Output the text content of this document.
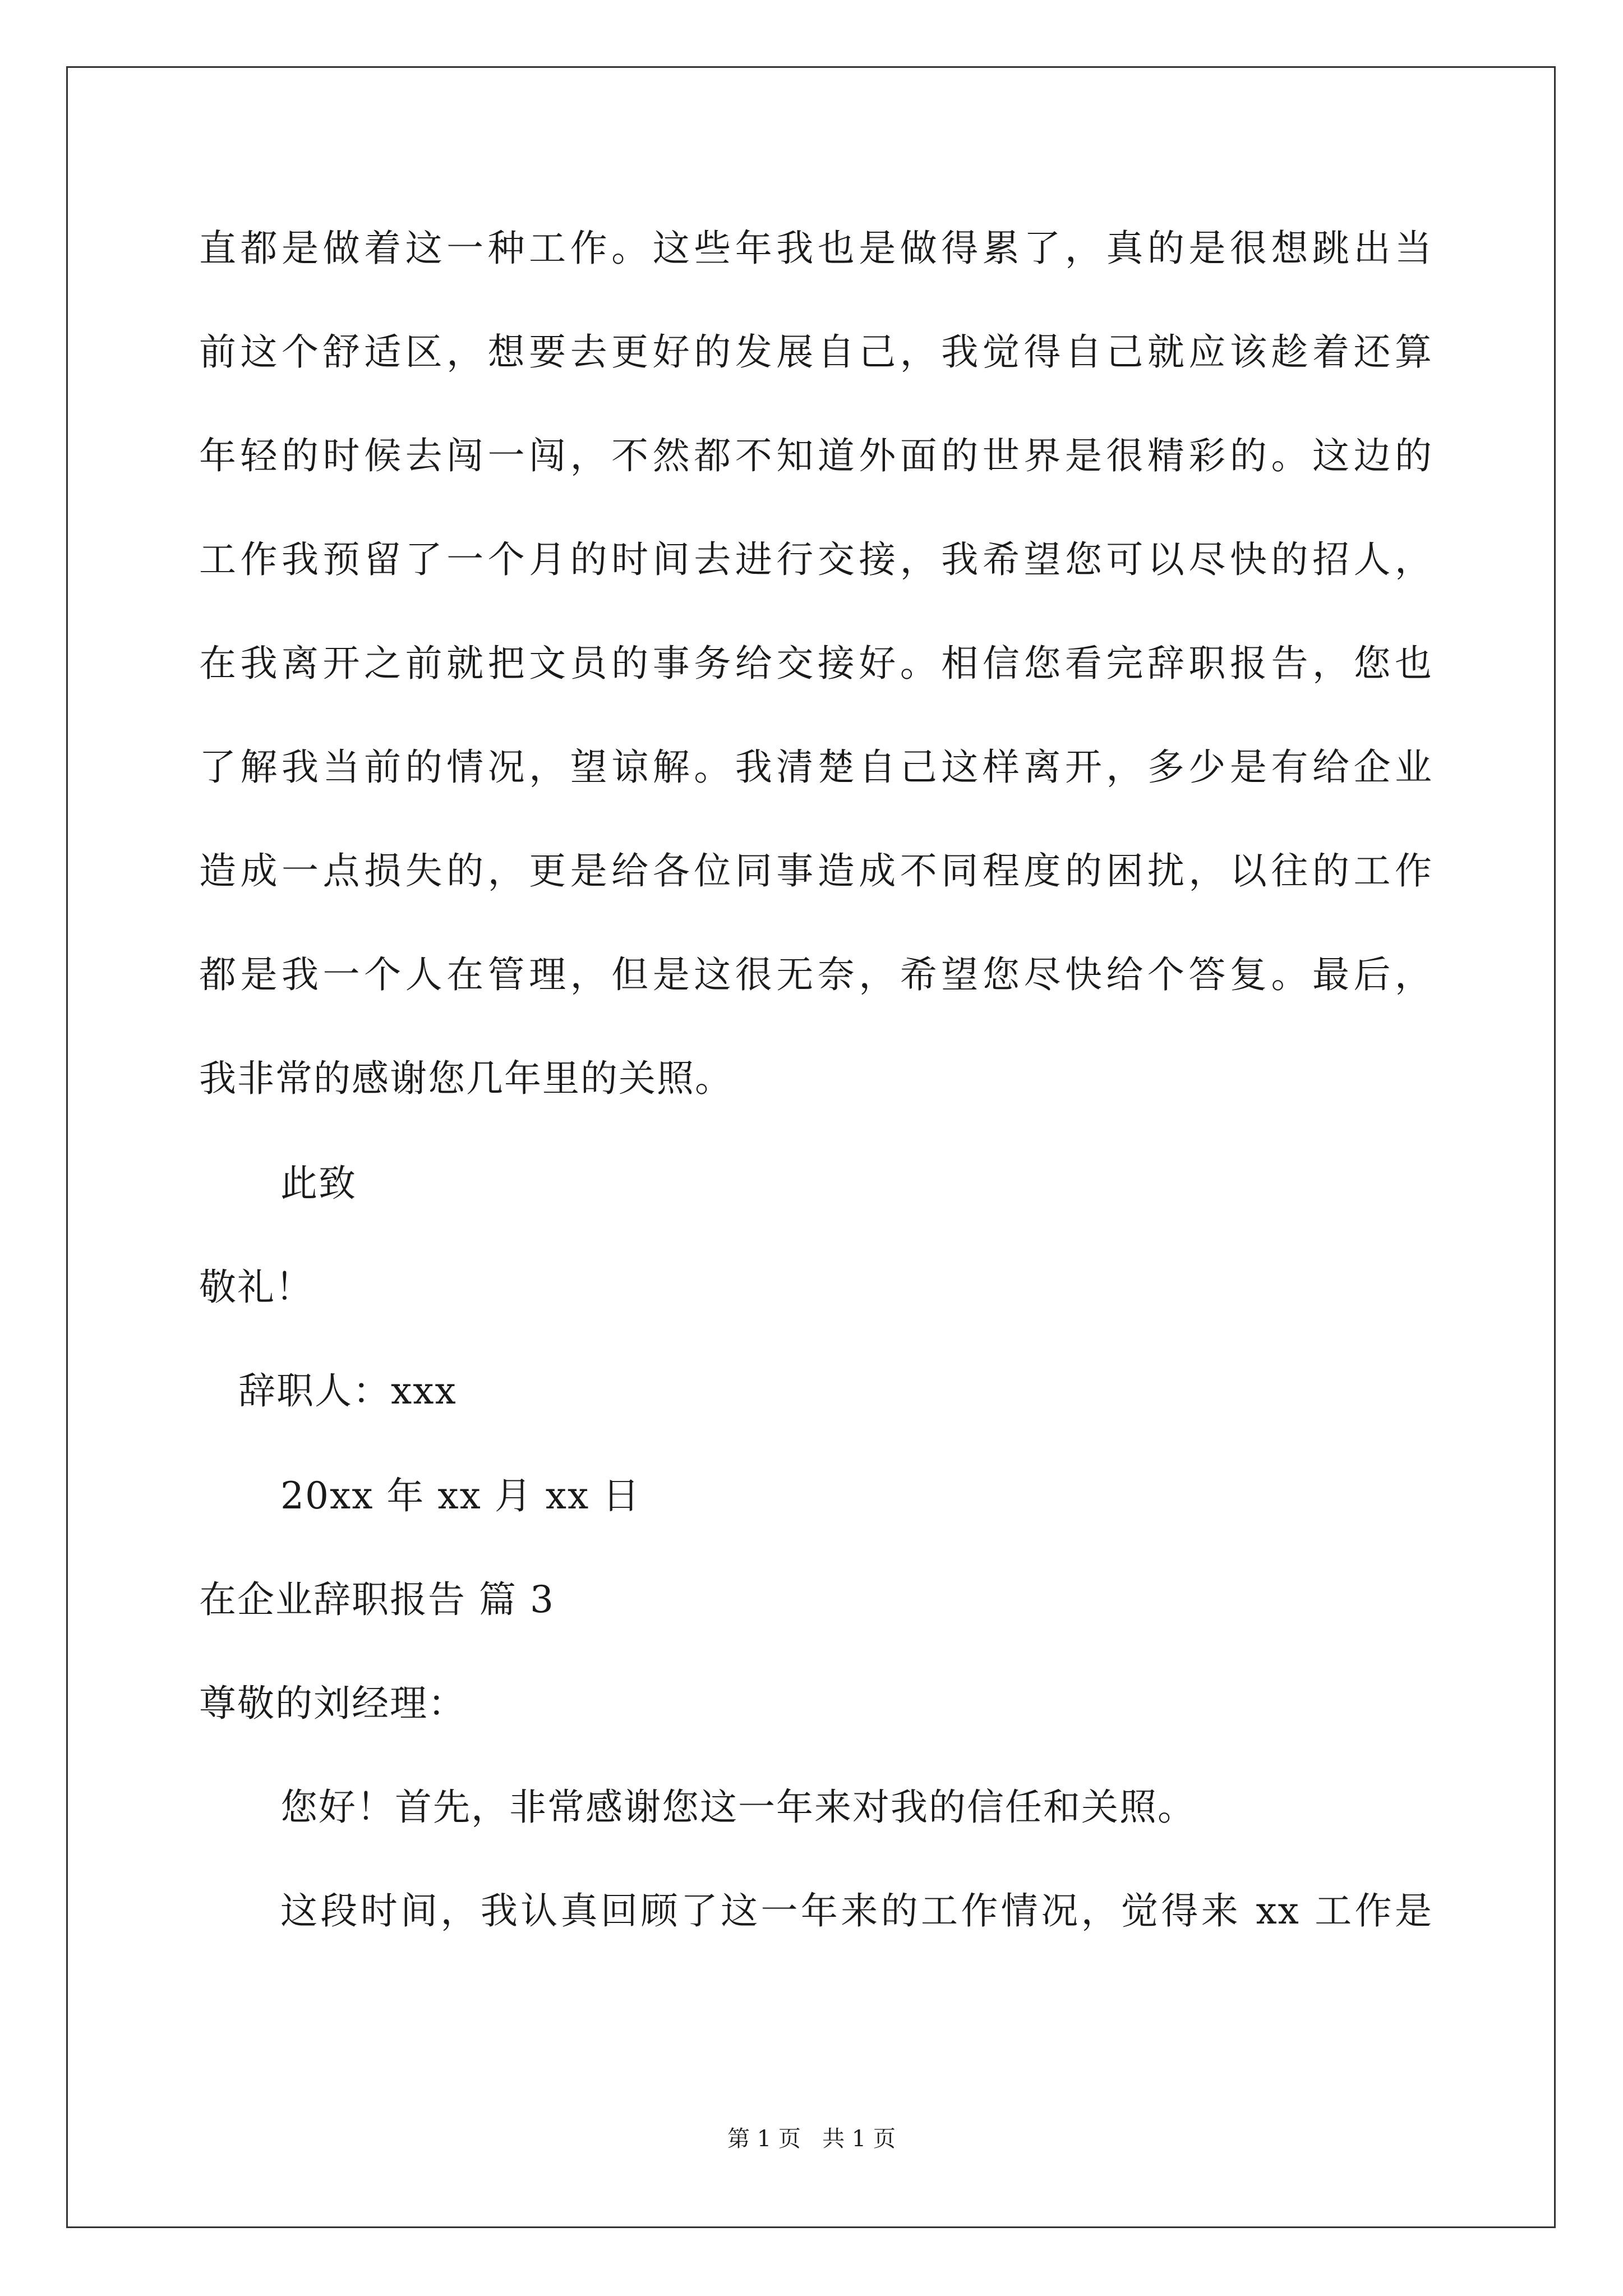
直都是做着这一种工作。这些年我也是做得累了，真的是很想跳出当
前这个舒适区，想要去更好的发展自己，我觉得自己就应该趁着还算
年轻的时候去闯一闯，不然都不知道外面的世界是很精彩的。这边的
工作我预留了一个月的时间去进行交接，我希望您可以尽快的招人，
在我离开之前就把文员的事务给交接好。相信您看完辞职报告，您也
了解我当前的情况，望谅解。我清楚自己这样离开，多少是有给企业
造成一点损失的，更是给各位同事造成不同程度的困扰，以往的工作
都是我一个人在管理，但是这很无奈，希望您尽快给个答复。最后，
我非常的感谢您几年里的关照。
此致
敬礼！
辞职人：xxx
20xx 年 xx 月 xx 日
在企业辞职报告 篇 3
尊敬的刘经理：
您好！首先，非常感谢您这一年来对我的信任和关照。
这段时间，我认真回顾了这一年来的工作情况，觉得来 xx 工作是
第 1 页   共 1 页
